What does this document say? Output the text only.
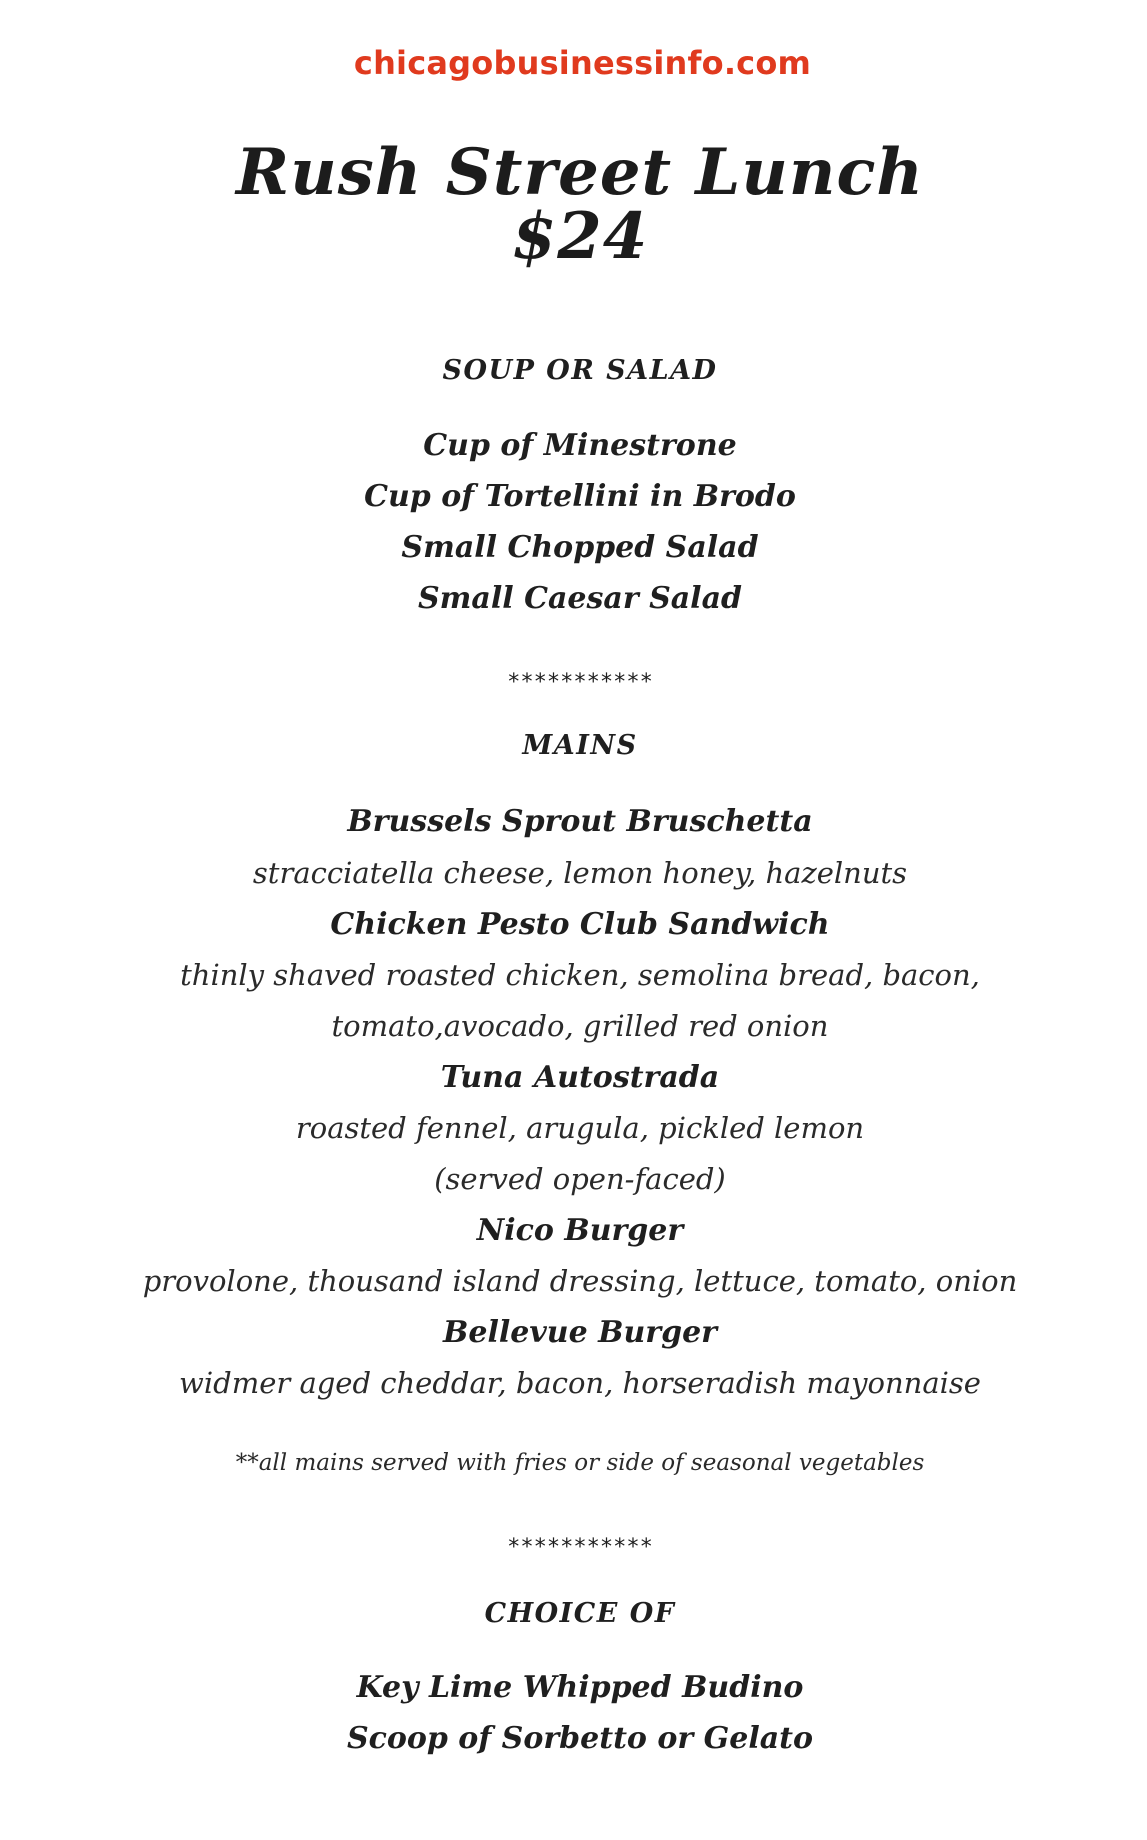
chicagobusinessinfo.com
Rush Street Lunch
$24
SOUP OR SALAD
Cup of Minestrone
Cup of Tortellini in Brodo
Small Chopped Salad
Small Caesar Salad
***********
MAINS
Brussels Sprout Bruschetta
stracciatella cheese, lemon honey, hazelnuts
Chicken Pesto Club Sandwich
thinly shaved roasted chicken, semolina bread, bacon,
tomato,avocado, grilled red onion
Tuna Autostrada
roasted fennel, arugula, pickled lemon
(served open-faced)
Nico Burger
provolone, thousand island dressing, lettuce, tomato, onion
Bellevue Burger
widmer aged cheddar, bacon, horseradish mayonnaise
**all mains served with fries or side of seasonal vegetables
***********
CHOICE OF
Key Lime Whipped Budino
Scoop of Sorbetto or Gelato
